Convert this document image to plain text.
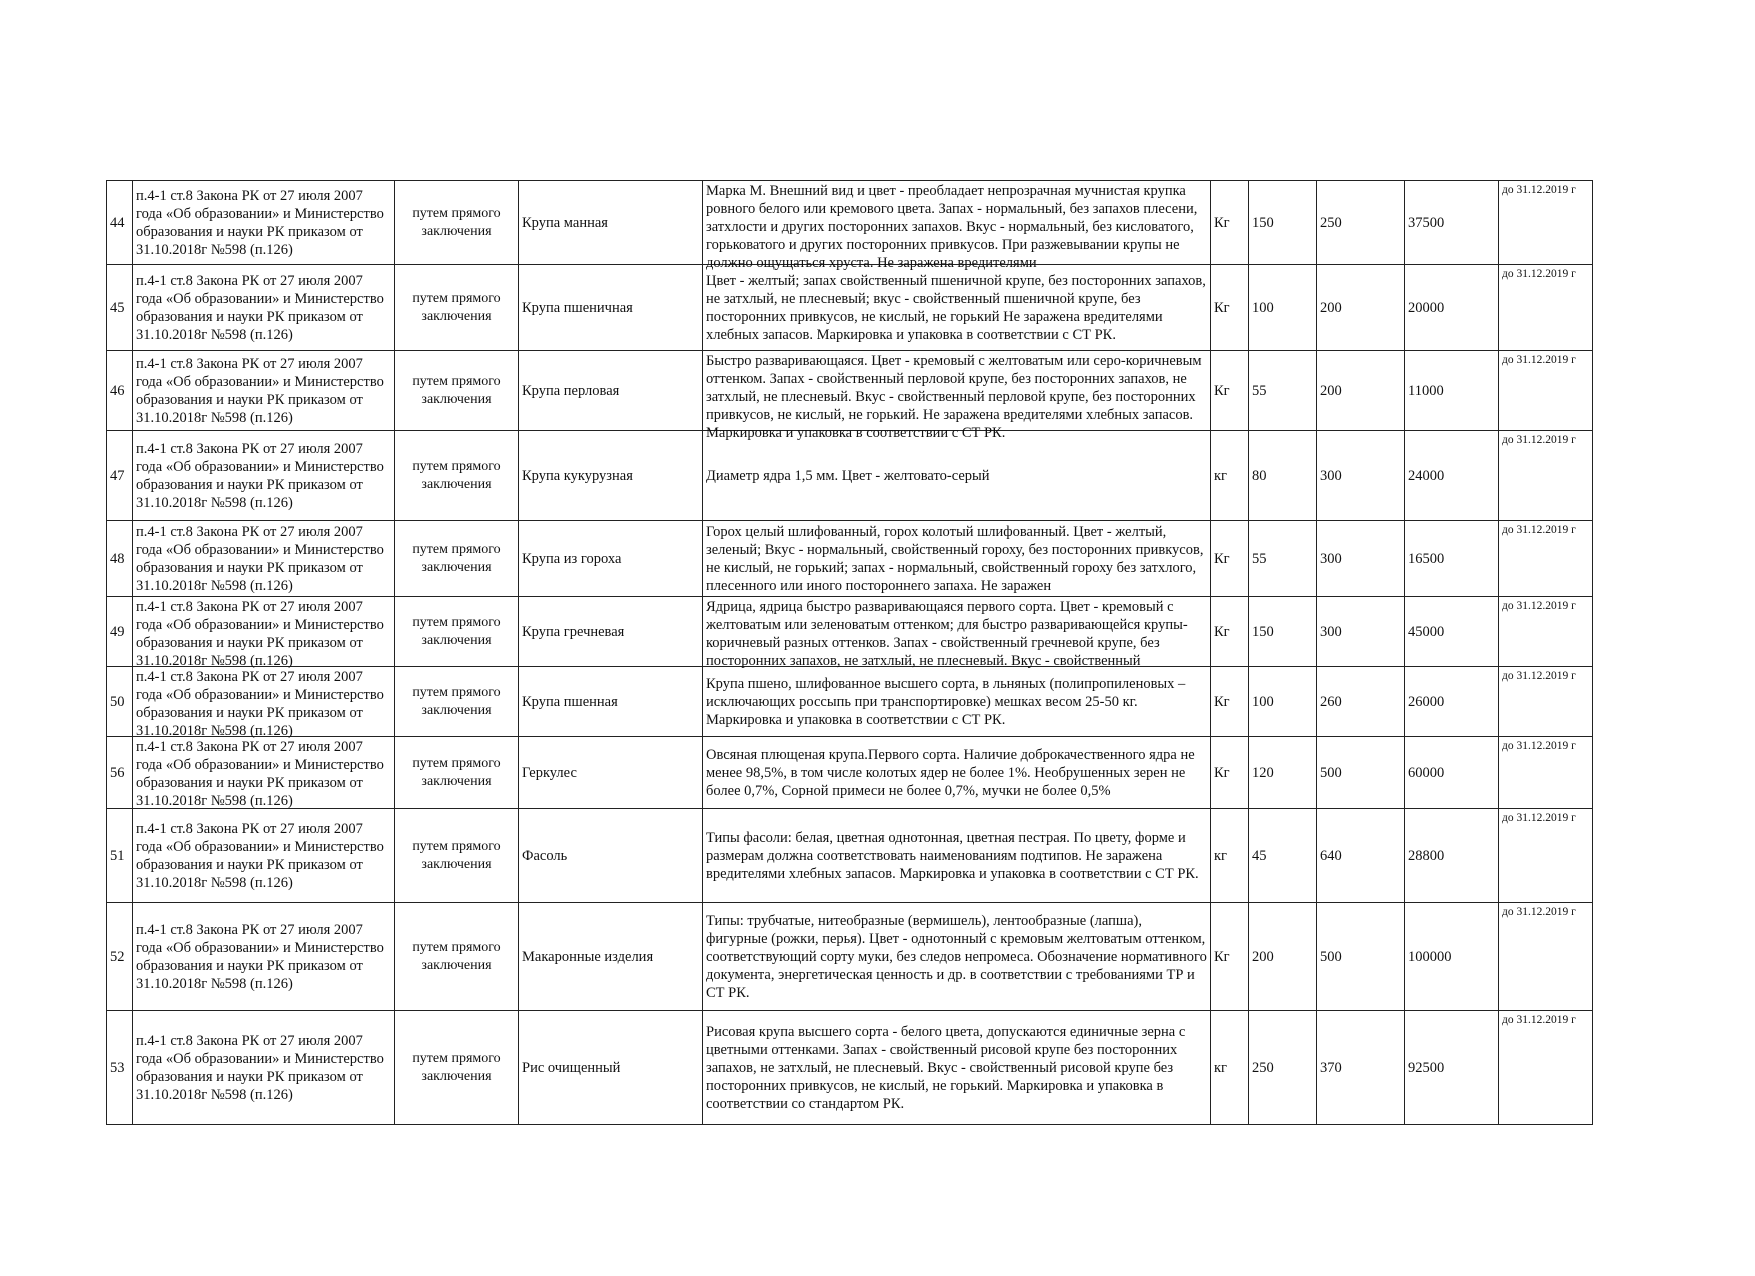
44	п.4-1 ст.8 Закона РК от 27 июля 2007 года «Об образовании» и Министерство образования и науки РК приказом от 31.10.2018г №598 (п.126)	путем прямого заключения	Крупа манная	Марка М. Внешний вид и цвет - преобладает непрозрачная мучнистая крупка ровного белого или кремового цвета. Запах - нормальный, без запахов плесени, затхлости и других посторонних запахов. Вкус - нормальный, без кисловатого, горьковатого и других посторонних привкусов. При разжевывании крупы не должно ощущаться хруста. Не заражена вредителями	Кг	150	250	37500	до 31.12.2019 г
45	п.4-1 ст.8 Закона РК от 27 июля 2007 года «Об образовании» и Министерство образования и науки РК приказом от 31.10.2018г №598 (п.126)	путем прямого заключения	Крупа пшеничная	Цвет - желтый; запах свойственный пшеничной крупе, без посторонних запахов, не затхлый, не плесневый; вкус - свойственный пшеничной крупе, без посторонних привкусов, не кислый, не горький Не заражена вредителями хлебных запасов. Маркировка и упаковка в соответствии с СТ РК.	Кг	100	200	20000	до 31.12.2019 г
46	п.4-1 ст.8 Закона РК от 27 июля 2007 года «Об образовании» и Министерство образования и науки РК приказом от 31.10.2018г №598 (п.126)	путем прямого заключения	Крупа перловая	Быстро разваривающаяся. Цвет - кремовый с желтоватым или серо-коричневым оттенком. Запах - свойственный перловой крупе, без посторонних запахов, не затхлый, не плесневый. Вкус - свойственный перловой крупе, без посторонних привкусов, не кислый, не горький. Не заражена вредителями хлебных запасов. Маркировка и упаковка в соответствии с СТ РК.	Кг	55	200	11000	до 31.12.2019 г
47	п.4-1 ст.8 Закона РК от 27 июля 2007 года «Об образовании» и Министерство образования и науки РК приказом от 31.10.2018г №598 (п.126)	путем прямого заключения	Крупа кукурузная	Диаметр ядра 1,5 мм. Цвет - желтовато-серый	кг	80	300	24000	до 31.12.2019 г
48	п.4-1 ст.8 Закона РК от 27 июля 2007 года «Об образовании» и Министерство образования и науки РК приказом от 31.10.2018г №598 (п.126)	путем прямого заключения	Крупа из гороха	Горох целый шлифованный, горох колотый шлифованный. Цвет - желтый, зеленый; Вкус - нормальный, свойственный гороху, без посторонних привкусов, не кислый, не горький; запах - нормальный, свойственный гороху без затхлого, плесенного или иного постороннего запаха. Не заражен	Кг	55	300	16500	до 31.12.2019 г
49	п.4-1 ст.8 Закона РК от 27 июля 2007 года «Об образовании» и Министерство образования и науки РК приказом от 31.10.2018г №598 (п.126)	путем прямого заключения	Крупа гречневая	Ядрица, ядрица быстро разваривающаяся первого сорта. Цвет - кремовый с желтоватым или зеленоватым оттенком; для быстро разваривающейся крупы- коричневый разных оттенков. Запах - свойственный гречневой крупе, без посторонних запахов, не затхлый, не плесневый. Вкус - свойственный	Кг	150	300	45000	до 31.12.2019 г
50	п.4-1 ст.8 Закона РК от 27 июля 2007 года «Об образовании» и Министерство образования и науки РК приказом от 31.10.2018г №598 (п.126)	путем прямого заключения	Крупа пшенная	Крупа пшено, шлифованное высшего сорта, в льняных (полипропиленовых – исключающих россыпь при транспортировке) мешках весом 25-50 кг. Маркировка и упаковка в соответствии с СТ РК.	Кг	100	260	26000	до 31.12.2019 г
56	п.4-1 ст.8 Закона РК от 27 июля 2007 года «Об образовании» и Министерство образования и науки РК приказом от 31.10.2018г №598 (п.126)	путем прямого заключения	Геркулес	Овсяная плющеная крупа.Первого сорта. Наличие доброкачественного ядра не менее 98,5%, в том числе колотых ядер не более 1%. Необрушенных зерен не более 0,7%, Сорной примеси не более 0,7%, мучки не более 0,5%	Кг	120	500	60000	до 31.12.2019 г
51	п.4-1 ст.8 Закона РК от 27 июля 2007 года «Об образовании» и Министерство образования и науки РК приказом от 31.10.2018г №598 (п.126)	путем прямого заключения	Фасоль	Типы фасоли: белая, цветная однотонная, цветная пестрая. По цвету, форме и размерам должна соответствовать наименованиям подтипов. Не заражена вредителями хлебных запасов. Маркировка и упаковка в соответствии с СТ РК.	кг	45	640	28800	до 31.12.2019 г
52	п.4-1 ст.8 Закона РК от 27 июля 2007 года «Об образовании» и Министерство образования и науки РК приказом от 31.10.2018г №598 (п.126)	путем прямого заключения	Макаронные изделия	Типы: трубчатые, нитеобразные (вермишель), лентообразные (лапша), фигурные (рожки, перья). Цвет - однотонный с кремовым желтоватым оттенком, соответствующий сорту муки, без следов непромеса. Обозначение нормативного документа, энергетическая ценность и др. в соответствии с требованиями ТР и СТ РК.	Кг	200	500	100000	до 31.12.2019 г
53	п.4-1 ст.8 Закона РК от 27 июля 2007 года «Об образовании» и Министерство образования и науки РК приказом от 31.10.2018г №598 (п.126)	путем прямого заключения	Рис очищенный	Рисовая крупа высшего сорта - белого цвета, допускаются единичные зерна с цветными оттенками. Запах - свойственный рисовой крупе без посторонних запахов, не затхлый, не плесневый. Вкус - свойственный рисовой крупе без посторонних привкусов, не кислый, не горький. Маркировка и упаковка в соответствии со стандартом РК.	кг	250	370	92500	до 31.12.2019 г
